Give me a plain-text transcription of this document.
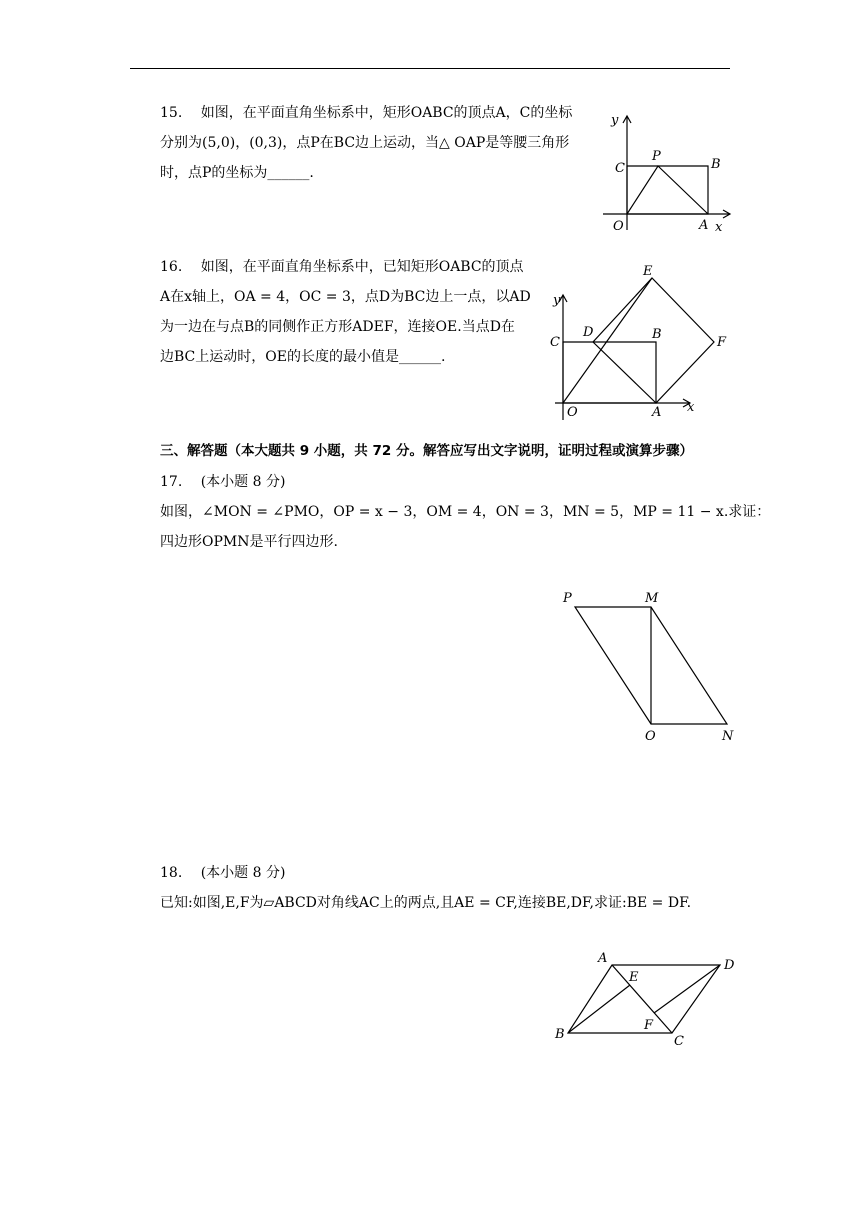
15.　 如图，在平面直角坐标系中，矩形OABC的顶点A，C的坐标
分别为(5,0)，(0,3)，点P在BC边上运动，当△ OAP是等腰三角形
时，点P的坐标为______.
y
C
P
B
O	A x
16.　 如图，在平面直角坐标系中，已知矩形OABC的顶点
A在x轴上，OA = 4，OC = 3，点D为BC边上一点，以AD
为一边在与点B的同侧作正方形ADEF，连接OE.当点D在
边BC上运动时，OE的长度的最小值是______.
E
y
C
D	B
F
O	A x
三、解答题（本大题共 9 小题，共 72 分。解答应写出文字说明，证明过程或演算步骤）
17.　 (本小题 8 分)
如图，∠MON = ∠PMO，OP = x − 3，OM = 4，ON = 3，MN = 5，MP = 11 − x.求证：
四边形OPMN是平行四边形.
P	M
O	N
18.　 (本小题 8 分)
已知:如图,E,F为▱ABCD对角线AC上的两点,且AE = CF,连接BE,DF,求证:BE = DF.
A	D
E
F
B	C
